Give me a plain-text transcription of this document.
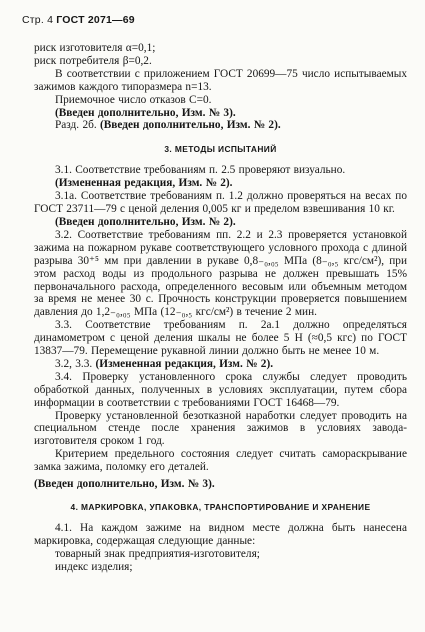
Стр. 4 ГОСТ 2071—69

риск изготовителя α=0,1;

риск потребителя β=0,2.

В соответствии с приложением ГОСТ 20699—75 число испытываемых зажимов каждого типоразмера n=13.

Приемочное число отказов C=0.

(Введен дополнительно, Изм. № 3).

Разд. 2б. (Введен дополнительно, Изм. № 2).

3. МЕТОДЫ ИСПЫТАНИЙ

3.1. Соответствие требованиям п. 2.5 проверяют визуально.

(Измененная редакция, Изм. № 2).

3.1а. Соответствие требованиям п. 1.2 должно проверяться на весах по ГОСТ 23711—79 с ценой деления 0,005 кг и пределом взвешивания 10 кг.

(Введен дополнительно, Изм. № 2).

3.2. Соответствие требованиям пп. 2.2 и 2.3 проверяется установкой зажима на пожарном рукаве соответствующего условного прохода с длиной разрыва 30⁺⁵ мм при давлении в рукаве 0,8₋₀,₀₅ МПа (8₋₀,₅ кгс/см²), при этом расход воды из продольного разрыва не должен превышать 15% первоначального расхода, определенного весовым или объемным методом за время не менее 30 с. Прочность конструкции проверяется повышением давления до 1,2₋₀,₀₅ МПа (12₋₀,₅ кгс/см²) в течение 2 мин.

3.3. Соответствие требованиям п. 2а.1 должно определяться динамометром с ценой деления шкалы не более 5 Н (≈0,5 кгс) по ГОСТ 13837—79. Перемещение рукавной линии должно быть не менее 10 м.

3.2, 3.3. (Измененная редакция, Изм. № 2).

3.4. Проверку установленного срока службы следует проводить обработкой данных, полученных в условиях эксплуатации, путем сбора информации в соответствии с требованиями ГОСТ 16468—79.

Проверку установленной безотказной наработки следует проводить на специальном стенде после хранения зажимов в условиях завода-изготовителя сроком 1 год.

Критерием предельного состояния следует считать самораскрывание замка зажима, поломку его деталей.

(Введен дополнительно, Изм. № 3).

4. МАРКИРОВКА, УПАКОВКА, ТРАНСПОРТИРОВАНИЕ И ХРАНЕНИЕ

4.1. На каждом зажиме на видном месте должна быть нанесена маркировка, содержащая следующие данные:

товарный знак предприятия-изготовителя;

индекс изделия;
